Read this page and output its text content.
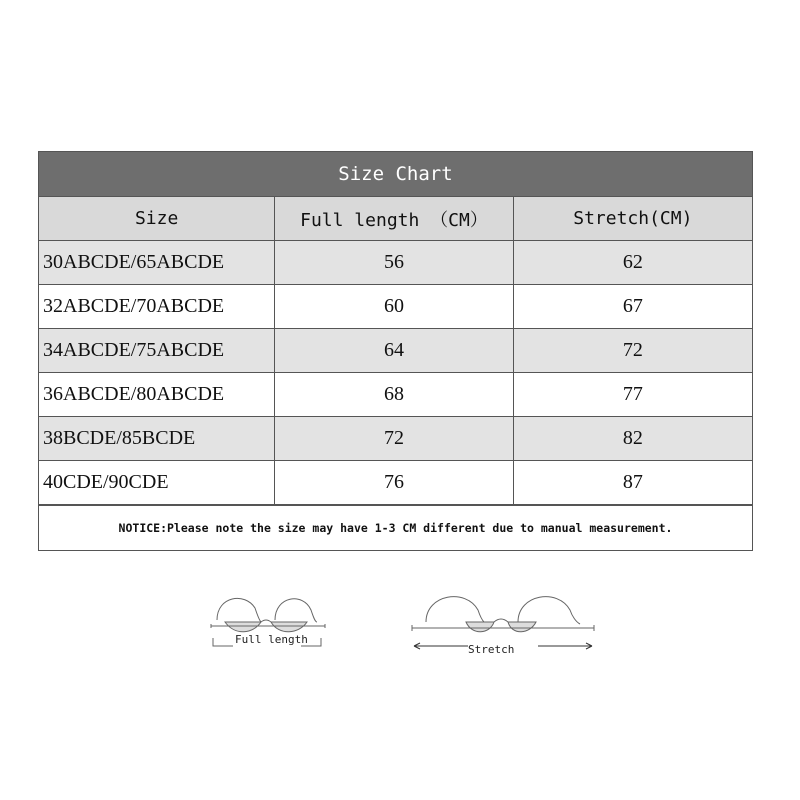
Size Chart
Size	Full length （CM）	Stretch(CM)
30ABCDE/65ABCDE	56	62
32ABCDE/70ABCDE	60	67
34ABCDE/75ABCDE	64	72
36ABCDE/80ABCDE	68	77
38BCDE/85BCDE	72	82
40CDE/90CDE	76	87
NOTICE:Please note the size may have 1-3 CM different due to manual measurement.
Full length
Stretch
